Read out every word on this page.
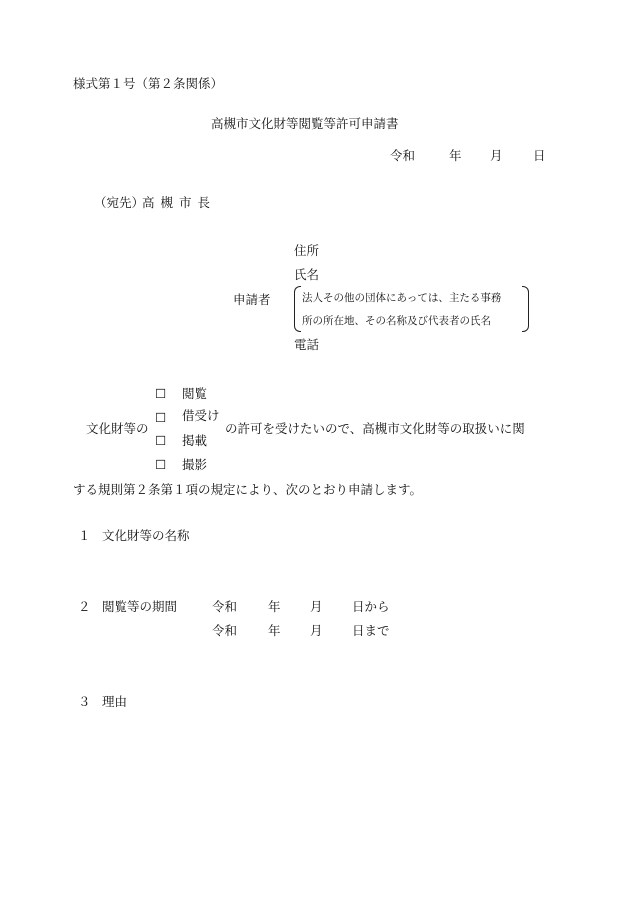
様式第１号（第２条関係）
高槻市文化財等閲覧等許可申請書
令和	年 月 日
（宛先）
高槻市長
住所
氏名
申請者	法人その他の団体にあっては、主たる事務
所の所在地、その名称及び代表者の氏名
電話
☐ 閲覧
☐ 借受け
文化財等の	の許可を受けたいので、高槻市文化財等の取扱いに関
☐ 掲載
☐ 撮影
する規則第２条第１項の規定により、次のとおり申請します。
１ 文化財等の名称
２ 閲覧等の期間	令和 年 月 日から
令和 年 月 日まで
３ 理由
